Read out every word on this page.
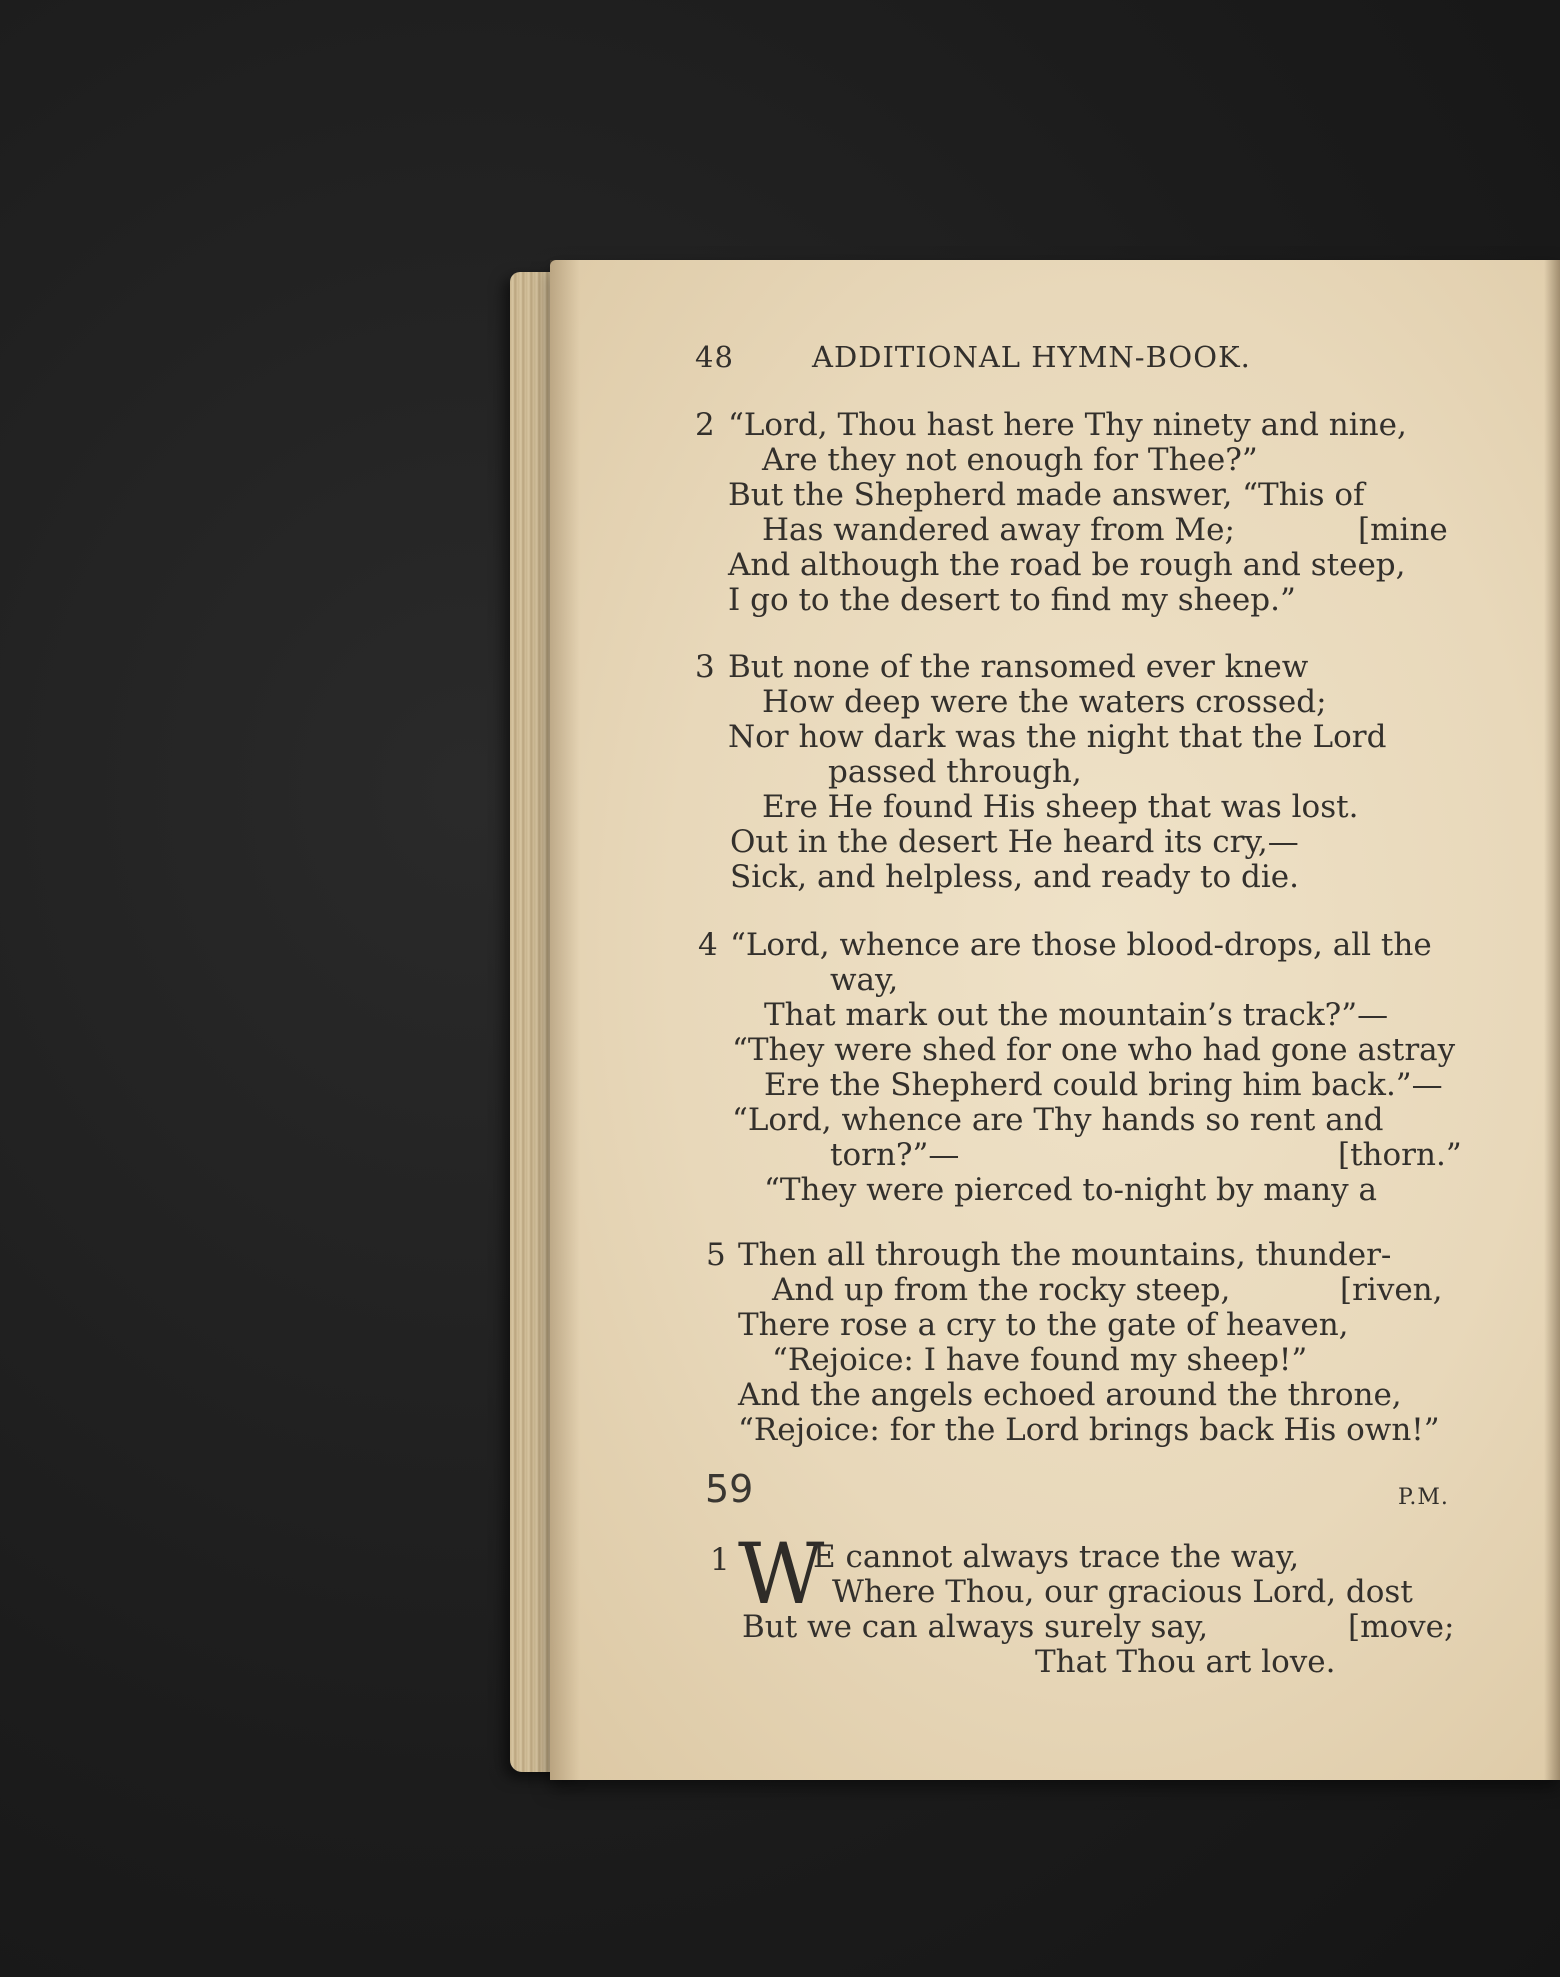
48	ADDITIONAL HYMN-BOOK.
2 “Lord, Thou hast here Thy ninety and nine,
Are they not enough for Thee?”
But the Shepherd made answer, “This of
Has wandered away from Me;	[mine
And although the road be rough and steep,
I go to the desert to find my sheep.”
3 But none of the ransomed ever knew
How deep were the waters crossed;
Nor how dark was the night that the Lord
passed through,
Ere He found His sheep that was lost.
Out in the desert He heard its cry,—
Sick, and helpless, and ready to die.
4 “Lord, whence are those blood-drops, all the
way,
That mark out the mountain’s track?”—
“They were shed for one who had gone astray
Ere the Shepherd could bring him back.”—
“Lord, whence are Thy hands so rent and
torn?”—	[thorn.”
“They were pierced to-night by many a
5 Then all through the mountains, thunder-
And up from the rocky steep,	[riven,
There rose a cry to the gate of heaven,
“Rejoice: I have found my sheep!”
And the angels echoed around the throne,
“Rejoice: for the Lord brings back His own!”
59	P.M.
1 W
E cannot always trace the way,
Where Thou, our gracious Lord, dost
But we can always surely say,	[move;
That Thou art love.
